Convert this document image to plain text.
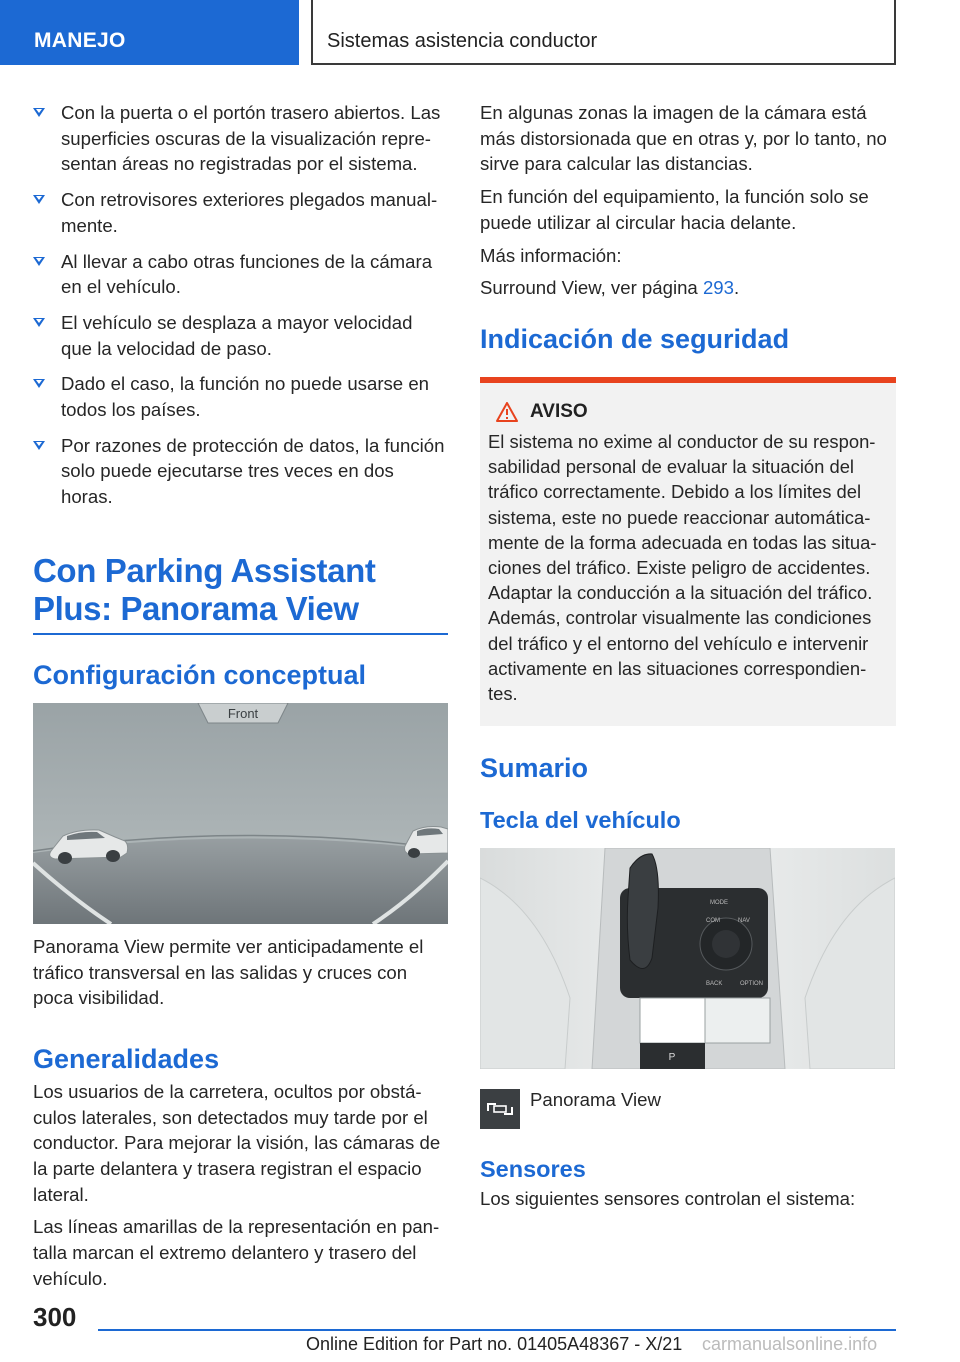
MANEJO	Sistemas asistencia conductor
Con la puerta o el portón trasero abiertos. Las superficies oscuras de la visualización representan áreas no registradas por el sistema.
Con retrovisores exteriores plegados manualmente.
Al llevar a cabo otras funciones de la cámara en el vehículo.
El vehículo se desplaza a mayor velocidad que la velocidad de paso.
Dado el caso, la función no puede usarse en todos los países.
Por razones de protección de datos, la función solo puede ejecutarse tres veces en dos horas.
Con Parking Assistant Plus: Panorama View
Configuración conceptual
Front

Panorama View permite ver anticipadamente el tráfico transversal en las salidas y cruces con poca visibilidad.

Generalidades

Los usuarios de la carretera, ocultos por obstáculos laterales, son detectados muy tarde por el conductor. Para mejorar la visión, las cámaras de la parte delantera y trasera registran el espacio lateral.

Las líneas amarillas de la representación en pantalla marcan el extremo delantero y trasero del vehículo.

En algunas zonas la imagen de la cámara está más distorsionada que en otras y, por lo tanto, no sirve para calcular las distancias.

En función del equipamiento, la función solo se puede utilizar al circular hacia delante.

Más información:

Surround View, ver página 293.

Indicación de seguridad
AVISO

El sistema no exime al conductor de su responsabilidad personal de evaluar la situación del tráfico correctamente. Debido a los límites del sistema, este no puede reaccionar automáticamente de la forma adecuada en todas las situaciones del tráfico. Existe peligro de accidentes. Adaptar la conducción a la situación del tráfico. Además, controlar visualmente las condiciones del tráfico y el entorno del vehículo e intervenir activamente en las situaciones correspondientes.

Sumario
Tecla del vehículo
P
MODE
COM	NAV
BACK	OPTION

Panorama View

Sensores

Los siguientes sensores controlan el sistema:

300
Online Edition for Part no. 01405A48367 - X/21 carmanualsonline.info
